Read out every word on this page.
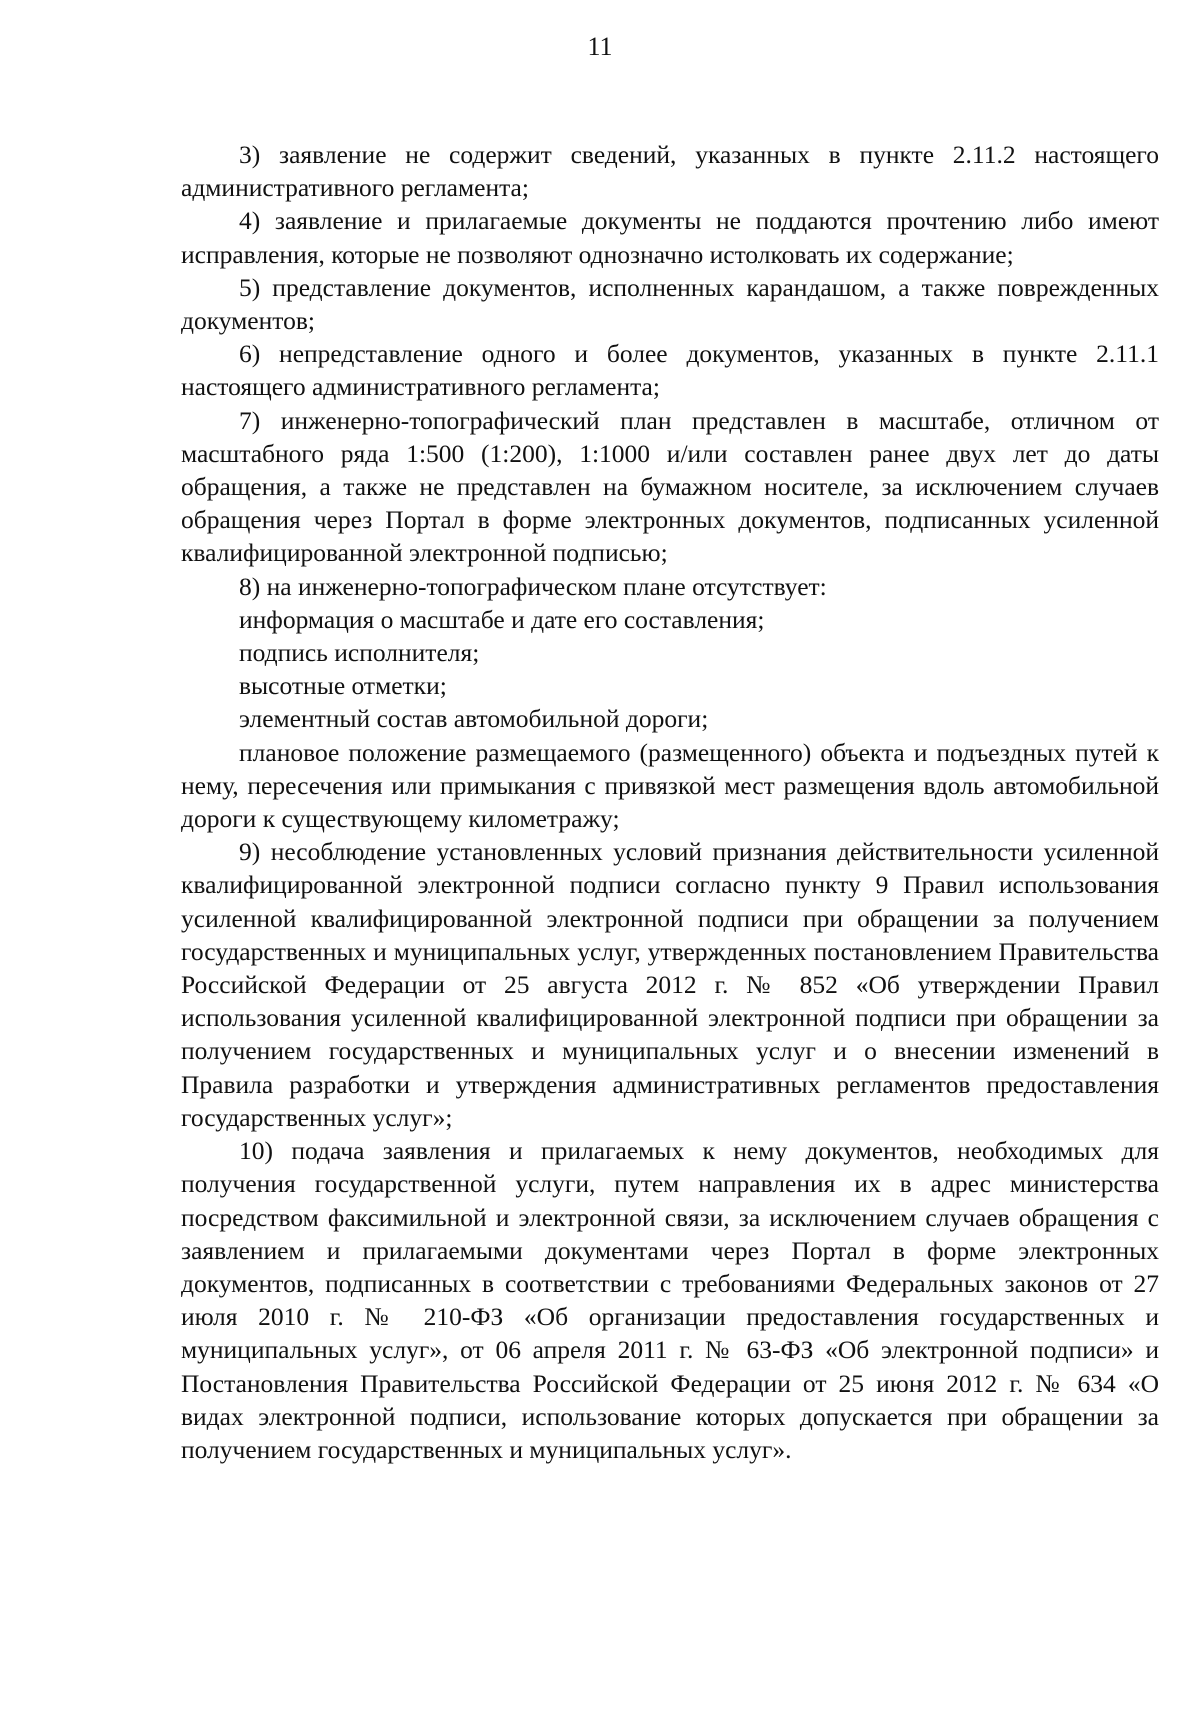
11

3) заявление не содержит сведений, указанных в пункте 2.11.2 настоящего административного регламента;

4) заявление и прилагаемые документы не поддаются прочтению либо имеют исправления, которые не позволяют однозначно истолковать их содержание;

5) представление документов, исполненных карандашом, а также поврежденных документов;

6) непредставление одного и более документов, указанных в пункте 2.11.1 настоящего административного регламента;

7) инженерно-топографический план представлен в масштабе, отличном от масштабного ряда 1:500 (1:200), 1:1000 и/или составлен ранее двух лет до даты обращения, а также не представлен на бумажном носителе, за исключением случаев обращения через Портал в форме электронных документов, подписанных усиленной квалифицированной электронной подписью;

8) на инженерно-топографическом плане отсутствует:

информация о масштабе и дате его составления;

подпись исполнителя;

высотные отметки;

элементный состав автомобильной дороги;

плановое положение размещаемого (размещенного) объекта и подъездных путей к нему, пересечения или примыкания с привязкой мест размещения вдоль автомобильной дороги к существующему километражу;

9) несоблюдение установленных условий признания действительности усиленной квалифицированной электронной подписи согласно пункту 9 Правил использования усиленной квалифицированной электронной подписи при обращении за получением государственных и муниципальных услуг, утвержденных постановлением Правительства Российской Федерации от 25 августа 2012 г. № 852 «Об утверждении Правил использования усиленной квалифицированной электронной подписи при обращении за получением государственных и муниципальных услуг и о внесении изменений в Правила разработки и утверждения административных регламентов предоставления государственных услуг»;

10) подача заявления и прилагаемых к нему документов, необходимых для получения государственной услуги, путем направления их в адрес министерства посредством факсимильной и электронной связи, за исключением случаев обращения с заявлением и прилагаемыми документами через Портал в форме электронных документов, подписанных в соответствии с требованиями Федеральных законов от 27 июля 2010 г. № 210-ФЗ «Об организации предоставления государственных и муниципальных услуг», от 06 апреля 2011 г. № 63-ФЗ «Об электронной подписи» и Постановления Правительства Российской Федерации от 25 июня 2012 г. № 634 «О видах электронной подписи, использование которых допускается при обращении за получением государственных и муниципальных услуг».
